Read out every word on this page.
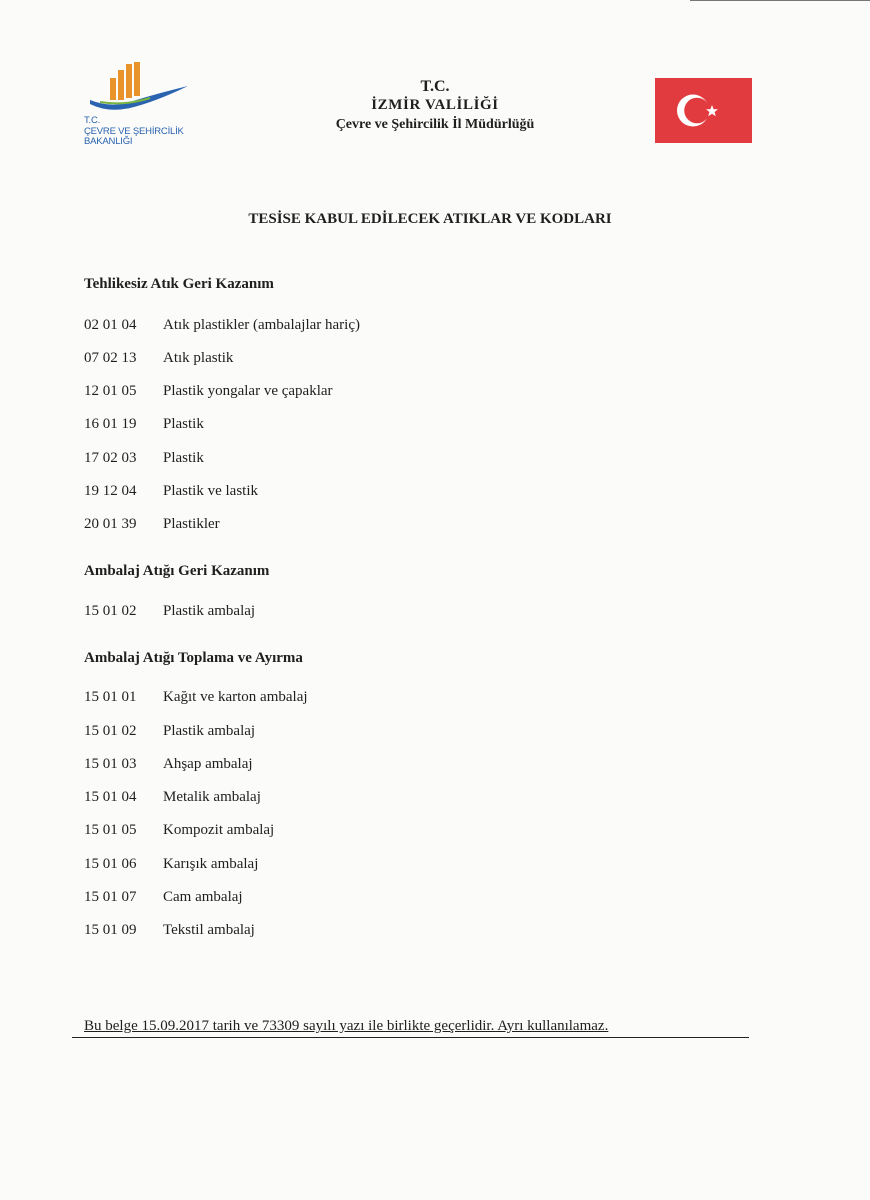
T.C.
ÇEVRE VE ŞEHİRCİLİK
BAKANLIĞI
T.C.
İZMİR VALİLİĞİ
Çevre ve Şehircilik İl Müdürlüğü
TESİSE KABUL EDİLECEK ATIKLAR VE KODLARI
Tehlikesiz Atık Geri Kazanım
02 01 04	Atık plastikler (ambalajlar hariç)
07 02 13	Atık plastik
12 01 05	Plastik yongalar ve çapaklar
16 01 19	Plastik
17 02 03	Plastik
19 12 04	Plastik ve lastik
20 01 39	Plastikler
Ambalaj Atığı Geri Kazanım
15 01 02	Plastik ambalaj
Ambalaj Atığı Toplama ve Ayırma
15 01 01	Kağıt ve karton ambalaj
15 01 02	Plastik ambalaj
15 01 03	Ahşap ambalaj
15 01 04	Metalik ambalaj
15 01 05	Kompozit ambalaj
15 01 06	Karışık ambalaj
15 01 07	Cam ambalaj
15 01 09	Tekstil ambalaj
Bu belge 15.09.2017 tarih ve 73309 sayılı yazı ile birlikte geçerlidir. Ayrı kullanılamaz.
